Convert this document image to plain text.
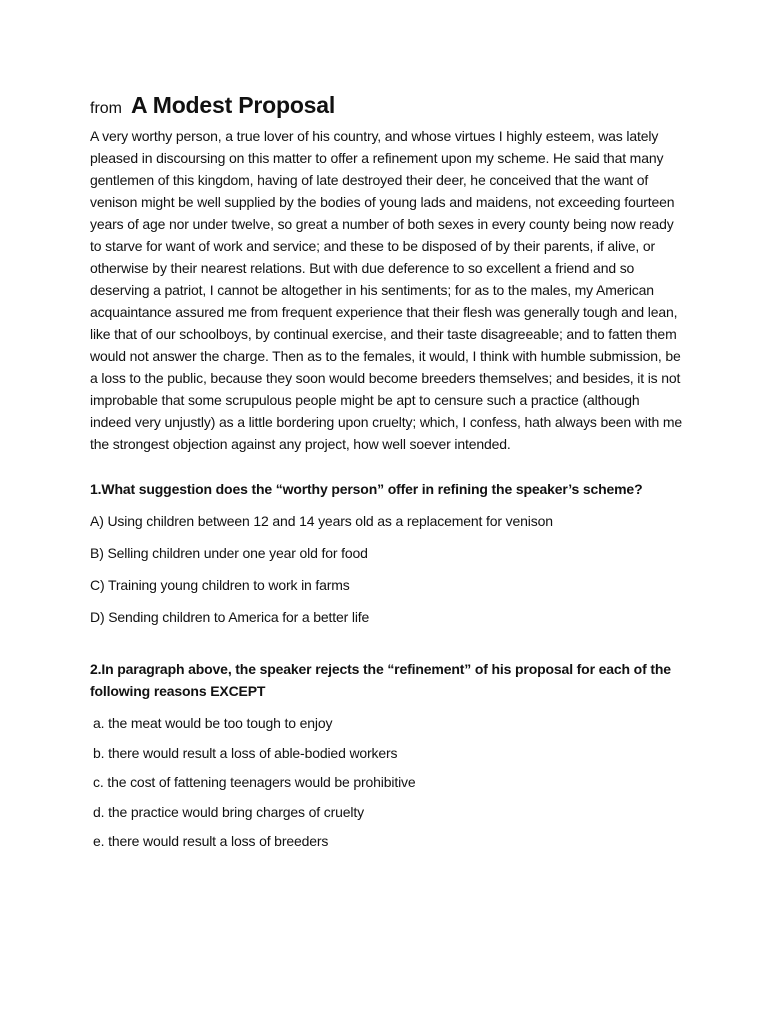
from A Modest Proposal

A very worthy person, a true lover of his country, and whose virtues I highly esteem, was lately pleased in discoursing on this matter to offer a refinement upon my scheme. He said that many gentlemen of this kingdom, having of late destroyed their deer, he conceived that the want of venison might be well supplied by the bodies of young lads and maidens, not exceeding fourteen years of age nor under twelve, so great a number of both sexes in every county being now ready to starve for want of work and service; and these to be disposed of by their parents, if alive, or otherwise by their nearest relations. But with due deference to so excellent a friend and so deserving a patriot, I cannot be altogether in his sentiments; for as to the males, my American acquaintance assured me from frequent experience that their flesh was generally tough and lean, like that of our schoolboys, by continual exercise, and their taste disagreeable; and to fatten them would not answer the charge. Then as to the females, it would, I think with humble submission, be a loss to the public, because they soon would become breeders themselves; and besides, it is not improbable that some scrupulous people might be apt to censure such a practice (although indeed very unjustly) as a little bordering upon cruelty; which, I confess, hath always been with me the strongest objection against any project, how well soever intended.

1.What suggestion does the “worthy person” offer in refining the speaker’s scheme?

A) Using children between 12 and 14 years old as a replacement for venison

B) Selling children under one year old for food

C) Training young children to work in farms

D) Sending children to America for a better life

2.In paragraph above, the speaker rejects the “refinement” of his proposal for each of the following reasons EXCEPT

a. the meat would be too tough to enjoy

b. there would result a loss of able-bodied workers

c. the cost of fattening teenagers would be prohibitive

d. the practice would bring charges of cruelty

e. there would result a loss of breeders
